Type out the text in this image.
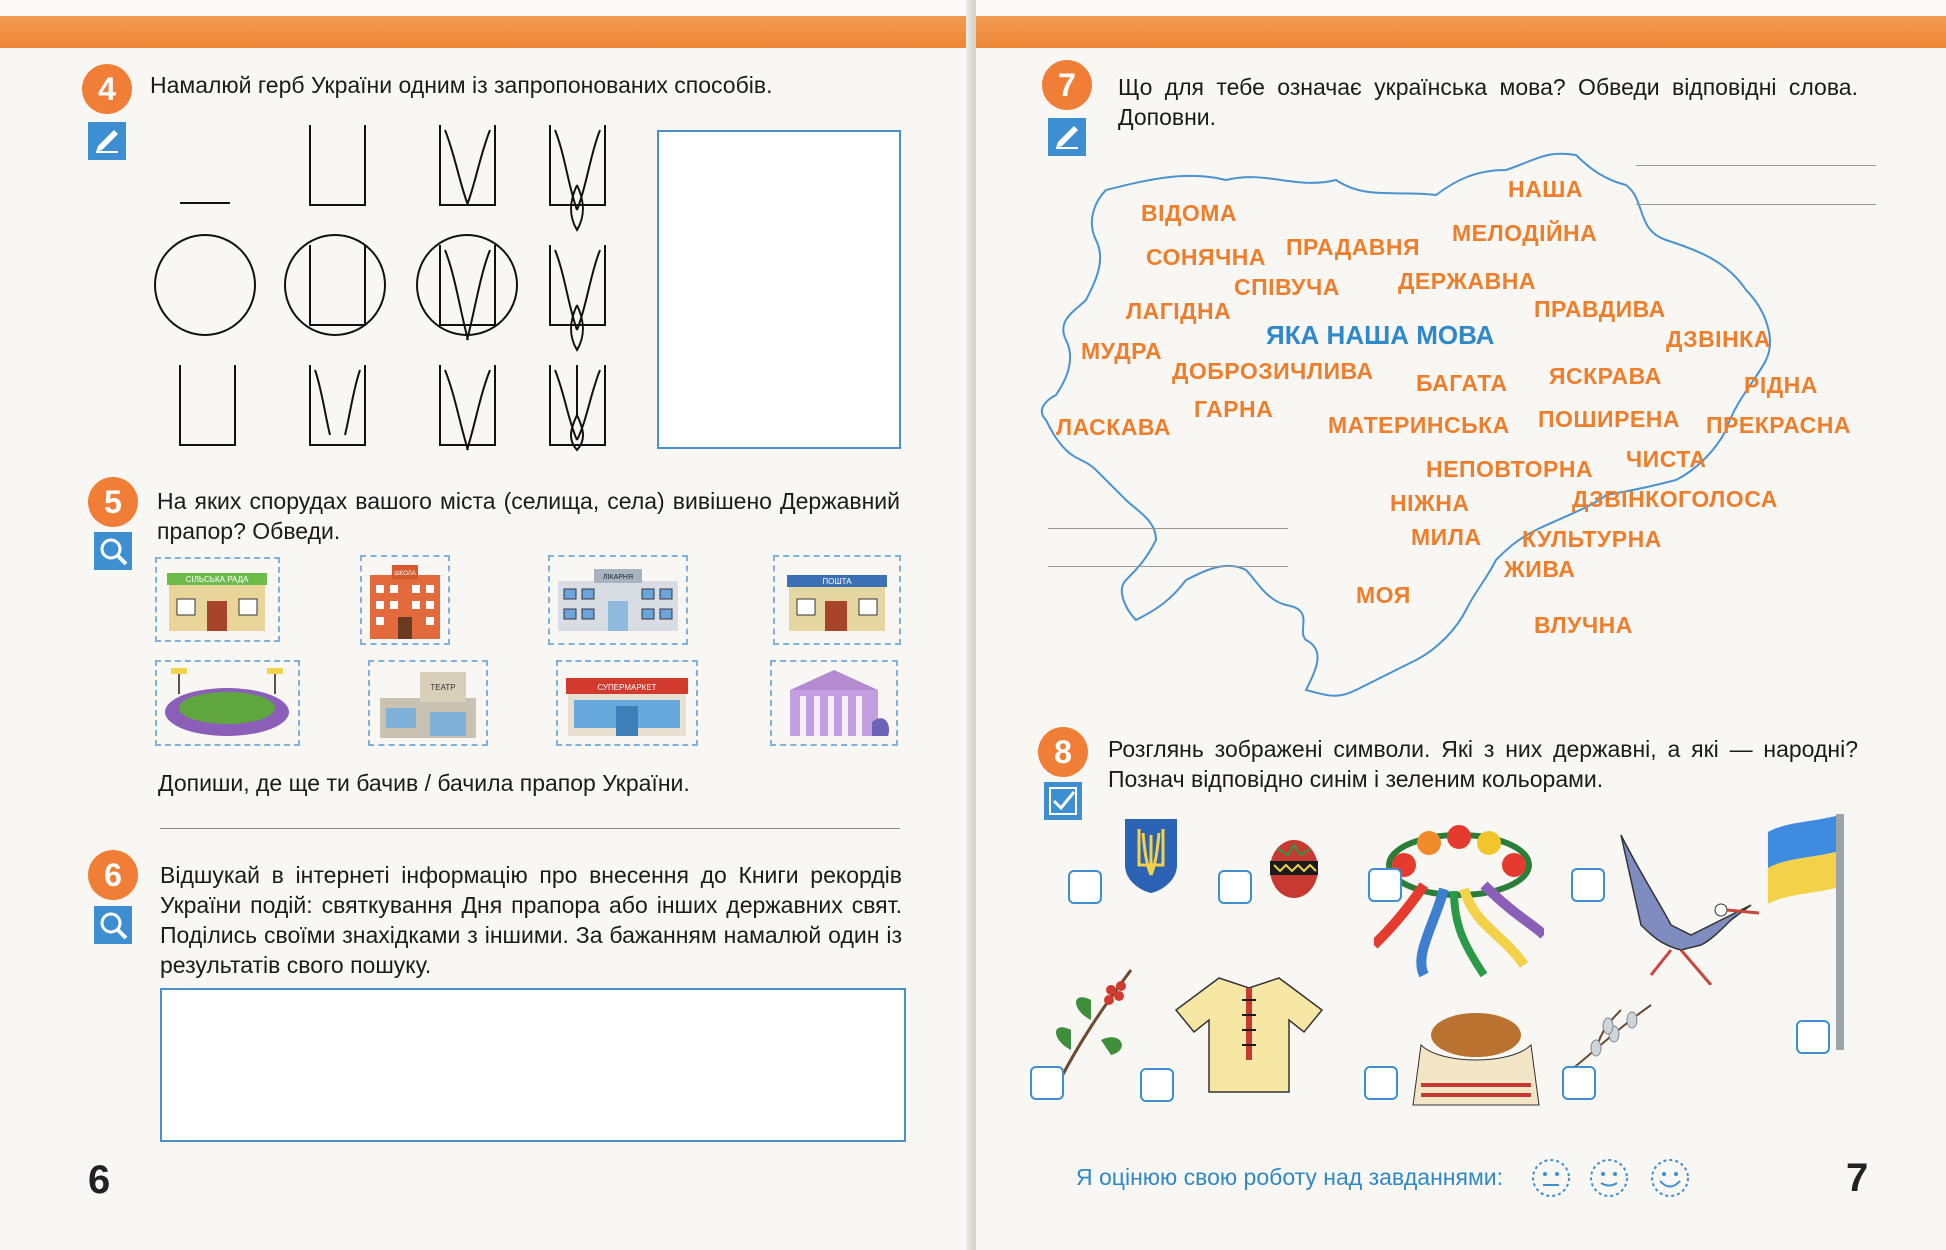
4	Намалюй герб України одним із запропонованих способів.
5	На яких спорудах вашого міста (селища, села) вивішено Державний прапор? Обведи.
СІЛЬСЬКА РАДА
ШКОЛА	ЛІКАРНЯ	ПОШТА
ТЕАТР	СУПЕРМАРКЕТ
Допиши, де ще ти бачив / бачила прапор України.
6	Відшукай в інтернеті інформацію про внесення до Книги рекордів України подій: святкування Дня прапора або інших державних свят. Поділись своїми знахідками з іншими. За бажанням намалюй один із результатів свого пошуку.
6
7	Що для тебе означає українська мова? Обведи відповідні слова. Доповни.
ЯКА НАША МОВА
НАША
ВІДОМА
МЕЛОДІЙНА
СОНЯЧНА ПРАДАВНЯ
СПІВУЧА	ДЕРЖАВНА
ЛАГІДНА	ПРАВДИВА
ДЗВІНКА
МУДРА
ДОБРОЗИЧЛИВА БАГАТА ЯСКРАВА	РІДНА
ГАРНА
ЛАСКАВА	МАТЕРИНСЬКА ПОШИРЕНА ПРЕКРАСНА
НЕПОВТОРНА ЧИСТА
НІЖНА	ДЗВІНКОГОЛОСА
МИЛА КУЛЬТУРНА
ЖИВА
МОЯ
ВЛУЧНА
8	Розглянь зображені символи. Які з них державні, а які — народні? Познач відповідно синім і зеленим кольорами.
Я оцінюю свою роботу над завданнями:	7
